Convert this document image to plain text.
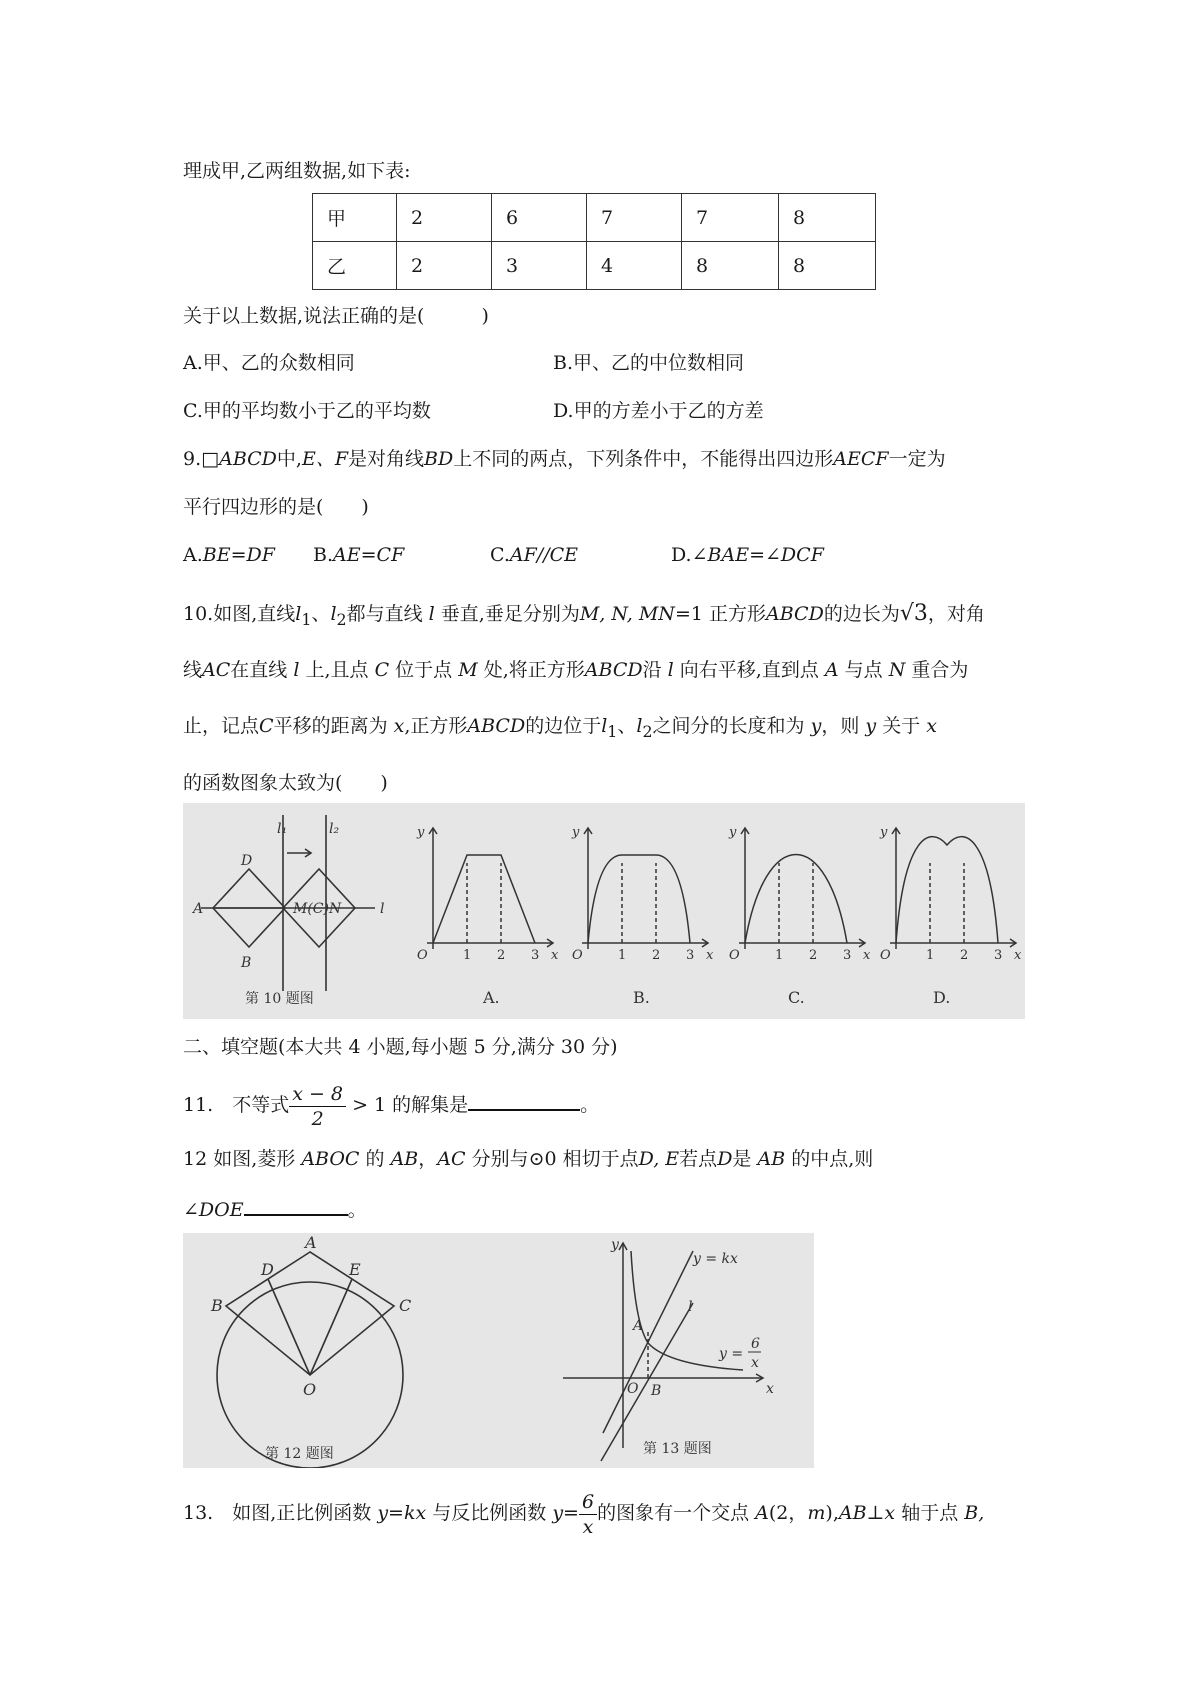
理成甲,乙两组数据,如下表:
甲	2	6	7	7	8
乙	2	3	4	8	8
关于以上数据,说法正确的是(　　　)
A.甲、乙的众数相同	B.甲、乙的中位数相同
C.甲的平均数小于乙的平均数	D.甲的方差小于乙的方差
9.□ABCD中,E、F是对角线BD上不同的两点，下列条件中，不能得出四边形AECF一定为
平行四边形的是(　　)
A.BE=DF B.AE=CF	C.AF//CE	D.∠BAE=∠DCF
10.如图,直线$l_1$、$l_2$都与直线 l 垂直,垂足分别为M, N, MN=1 正方形ABCD的边长为√3，对角
线AC在直线 l 上,且点 C 位于点 M 处,将正方形ABCD沿 l 向右平移,直到点 A 与点 N 重合为
止，记点C平移的距离为 x,正方形ABCD的边位于$l_1$、$l_2$之间分的长度和为 y，则 y 关于 x
的函数图象太致为(　　)
l₁	l₂
l
A
D
B
M(C) N
第 10 题图
O	1 2 3 x
y
O	1 2 3 x
y
O	1 2 3 x
y
O	1 2 3 x
y
A.	B.	C.	D.
二、填空题(本大共 4 小题,每小题 5 分,满分 30 分)
11.　不等式 $\frac{x - 8}{2} > 1$ 的解集是	。
12 如图,菱形 ABOC 的 AB，AC 分别与⊙0 相切于点D, E若点D是 AB 的中点,则
∠DOE	。
A
B	C
D	E
O
第 12 题图
y
x
y = kx
l
A
B
O
y =
6
x
第 13 题图
13.　如图,正比例函数 y=kx 与反比例函数 $y= \frac{6}{x}$ 的图象有一个交点 A(2，m),AB⊥x 轴于点 B,
